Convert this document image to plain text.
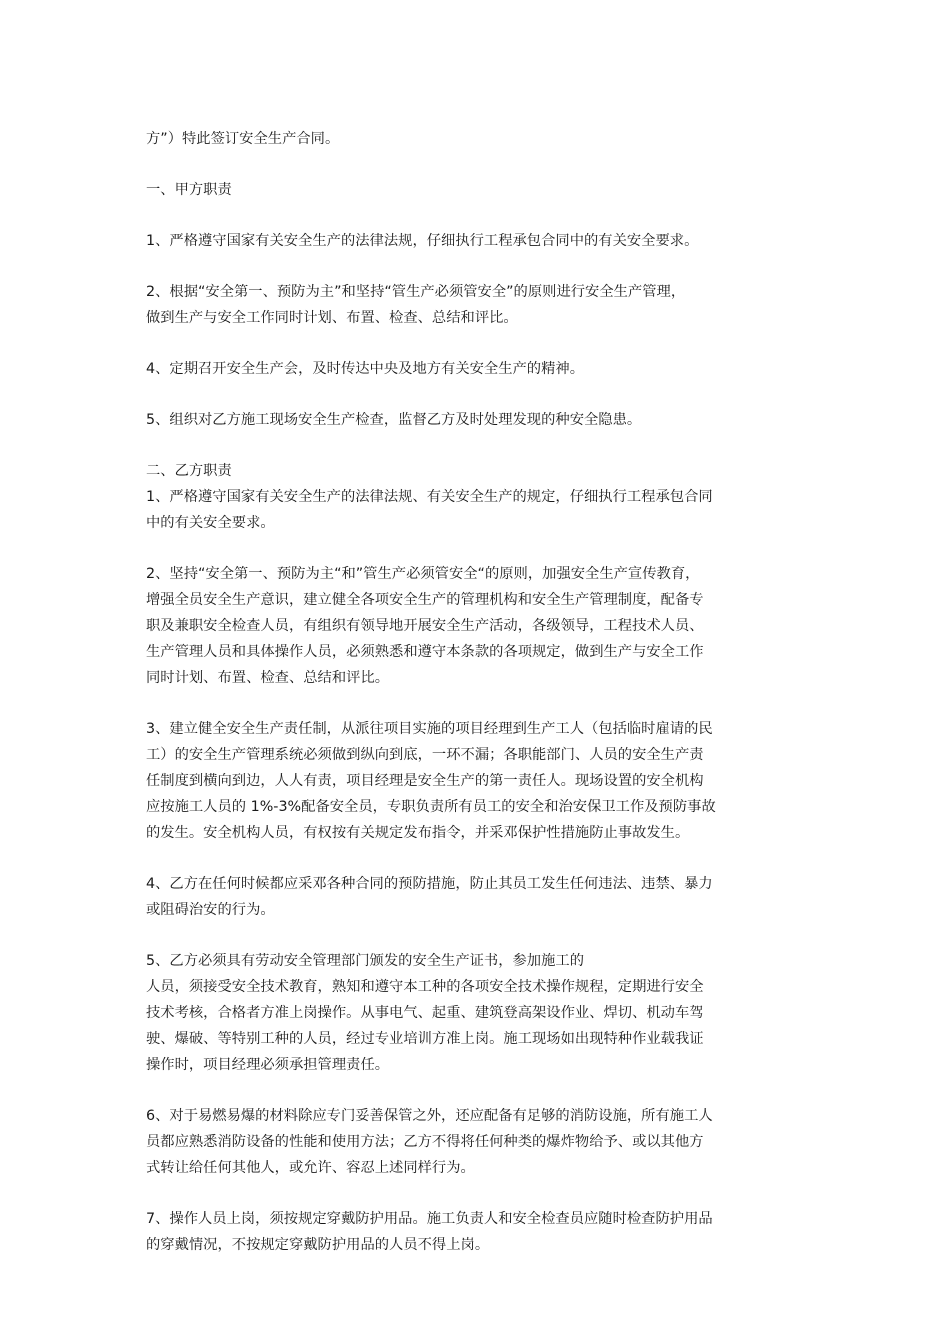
方”）特此签订安全生产合同。

一、甲方职责

1、严格遵守国家有关安全生产的法律法规，仔细执行工程承包合同中的有关安全要求。

2、根据“安全第一、预防为主”和坚持“管生产必须管安全”的原则进行安全生产管理，
做到生产与安全工作同时计划、布置、检查、总结和评比。

4、定期召开安全生产会，及时传达中央及地方有关安全生产的精神。

5、组织对乙方施工现场安全生产检查，监督乙方及时处理发现的种安全隐患。

二、乙方职责

1、严格遵守国家有关安全生产的法律法规、有关安全生产的规定，仔细执行工程承包合同
中的有关安全要求。

2、坚持“安全第一、预防为主“和”管生产必须管安全“的原则，加强安全生产宣传教育，
增强全员安全生产意识，建立健全各项安全生产的管理机构和安全生产管理制度，配备专
职及兼职安全检查人员，有组织有领导地开展安全生产活动，各级领导，工程技术人员、
生产管理人员和具体操作人员，必须熟悉和遵守本条款的各项规定，做到生产与安全工作
同时计划、布置、检查、总结和评比。

3、建立健全安全生产责任制，从派往项目实施的项目经理到生产工人（包括临时雇请的民
工）的安全生产管理系统必须做到纵向到底，一环不漏；各职能部门、人员的安全生产责
任制度到横向到边，人人有责，项目经理是安全生产的第一责任人。现场设置的安全机构
应按施工人员的 1%-3%配备安全员，专职负责所有员工的安全和治安保卫工作及预防事故
的发生。安全机构人员，有权按有关规定发布指令，并采邓保护性措施防止事故发生。

4、乙方在任何时候都应采邓各种合同的预防措施，防止其员工发生任何违法、违禁、暴力
或阻碍治安的行为。

5、乙方必须具有劳动安全管理部门颁发的安全生产证书，参加施工的
人员，须接受安全技术教育，熟知和遵守本工种的各项安全技术操作规程，定期进行安全
技术考核，合格者方准上岗操作。从事电气、起重、建筑登高架设作业、焊切、机动车驾
驶、爆破、等特别工种的人员，经过专业培训方准上岗。施工现场如出现特种作业载我证
操作时，项目经理必须承担管理责任。

6、对于易燃易爆的材料除应专门妥善保管之外，还应配备有足够的消防设施，所有施工人
员都应熟悉消防设备的性能和使用方法；乙方不得将任何种类的爆炸物给予、或以其他方
式转让给任何其他人，或允许、容忍上述同样行为。

7、操作人员上岗，须按规定穿戴防护用品。施工负责人和安全检查员应随时检查防护用品
的穿戴情况，不按规定穿戴防护用品的人员不得上岗。
